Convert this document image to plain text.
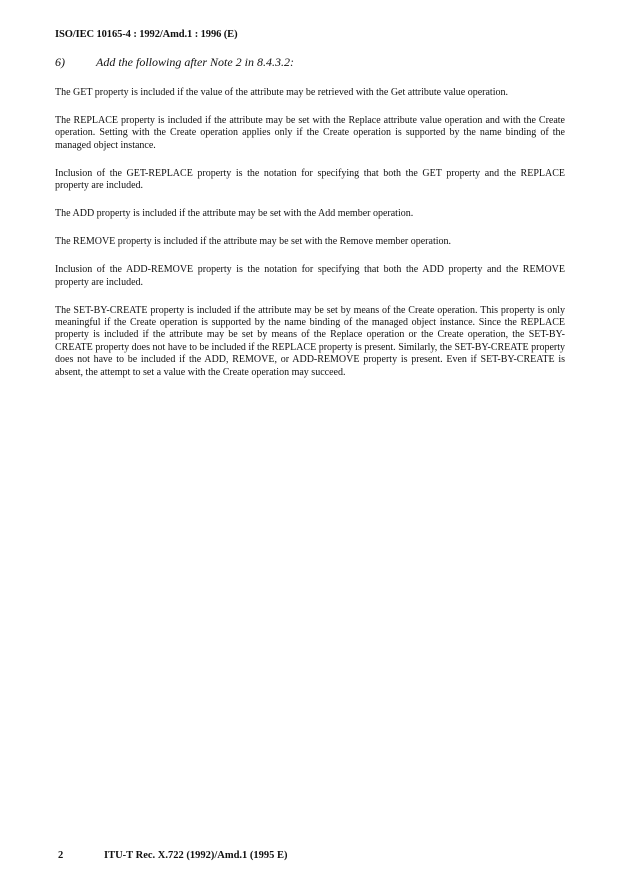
ISO/IEC 10165-4 : 1992/Amd.1 : 1996 (E)
6)	Add the following after Note 2 in 8.4.3.2:

The GET property is included if the value of the attribute may be retrieved with the Get attribute value operation.

The REPLACE property is included if the attribute may be set with the Replace attribute value operation and with the Create operation. Setting with the Create operation applies only if the Create operation is supported by the name binding of the managed object instance.

Inclusion of the GET-REPLACE property is the notation for specifying that both the GET property and the REPLACE property are included.

The ADD property is included if the attribute may be set with the Add member operation.

The REMOVE property is included if the attribute may be set with the Remove member operation.

Inclusion of the ADD-REMOVE property is the notation for specifying that both the ADD property and the REMOVE property are included.

The SET-BY-CREATE property is included if the attribute may be set by means of the Create operation. This property is only meaningful if the Create operation is supported by the name binding of the managed object instance. Since the REPLACE property is included if the attribute may be set by means of the Replace operation or the Create operation, the SET-BY-CREATE property does not have to be included if the REPLACE property is present. Similarly, the SET-BY-CREATE property does not have to be included if the ADD, REMOVE, or ADD-REMOVE property is present. Even if SET-BY-CREATE is absent, the attempt to set a value with the Create operation may succeed.

2	ITU-T Rec. X.722 (1992)/Amd.1 (1995 E)
